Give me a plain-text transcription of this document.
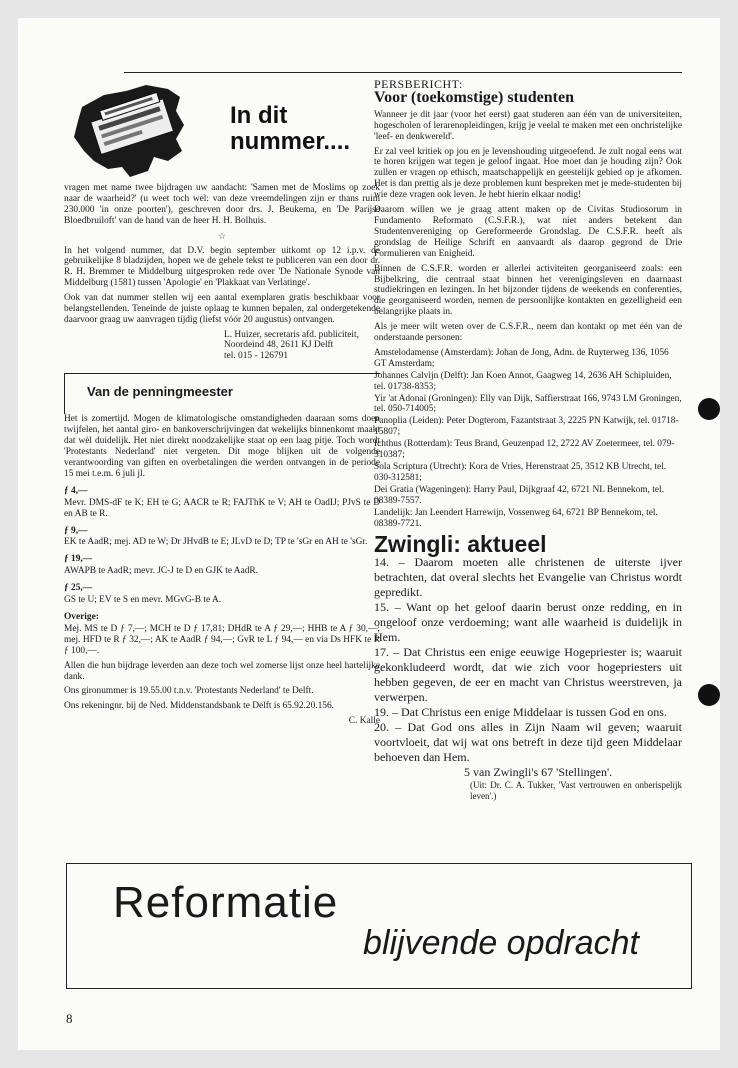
In dit nummer....

vragen met name twee bijdragen uw aandacht: 'Samen met de Moslims op zoek naar de waarheid?' (u weet toch wel: van deze vreemdelingen zijn er thans ruim 230.000 'in onze poorten'), geschreven door drs. J. Beukema, en 'De Parijse Bloedbruiloft' van de hand van de heer H. H. Bolhuis.

☆

In het volgend nummer, dat D.V. begin september uitkomt op 12 i.p.v. de gebruikelijke 8 bladzijden, hopen we de gehele tekst te publiceren van een door dr. R. H. Bremmer te Middelburg uitgesproken rede over 'De Nationale Synode van Middelburg (1581) tussen 'Apologie' en 'Plakkaat van Verlatinge'.

Ook van dat nummer stellen wij een aantal exemplaren gratis beschikbaar voor belangstellenden. Teneinde de juiste oplaag te kunnen bepalen, zal ondergetekende daarvoor graag uw aanvragen tijdig (liefst vóór 20 augustus) ontvangen.

L. Huizer, secretaris afd. publiciteit,
Noordeind 48, 2611 KJ Delft
tel. 015 - 126791
Van de penningmeester

Het is zomertijd. Mogen de klimatologische omstandigheden daaraan soms doen twijfelen, het aantal giro- en bankoverschrijvingen dat wekelijks binnenkomt maakt dat wèl duidelijk. Het niet direkt noodzakelijke staat op een laag pitje. Toch wordt 'Protestants Nederland' niet vergeten. Dit moge blijken uit de volgende verantwoording van giften en overbetalingen die werden ontvangen in de periode 15 mei t.e.m. 6 juli jl.

ƒ 4,—

Mevr. DMS-dF te K; EH te G; AACR te R; FAJThK te V; AH te OadIJ; PJvS te D en AB te R.

ƒ 9,—

EK te AadR; mej. AD te W; Dr JHvdB te E; JLvD te D; TP te 'sGr en AH te 'sGr.

ƒ 19,—

AWAPB te AadR; mevr. JC-J te D en GJK te AadR.

ƒ 25,—

GS te U; EV te S en mevr. MGvG-B te A.

Overige:

Mej. MS te D ƒ 7,—; MCH te D ƒ 17,81; DHdR te A ƒ 29,—; HHB te A ƒ 30,—; mej. HFD te R ƒ 32,—; AK te AadR ƒ 94,—; GvR te L ƒ 94,— en via Ds HFK te R ƒ 100,—.

Allen die hun bijdrage leverden aan deze toch wel zomerse lijst onze heel hartelijke dank.

Ons gironummer is 19.55.00 t.n.v. 'Protestants Nederland' te Delft.

Ons rekeningnr. bij de Ned. Middenstandsbank te Delft is 65.92.20.156.

C. Kalle
PERSBERICHT:
Voor (toekomstige) studenten

Wanneer je dit jaar (voor het eerst) gaat studeren aan één van de universiteiten, hogescholen of lerarenopleidingen, krijg je veelal te maken met een onchristelijke 'leef- en denkwereld'.

Er zal veel kritiek op jou en je levenshouding uitgeoefend. Je zult nogal eens wat te horen krijgen wat tegen je geloof ingaat. Hoe moet dan je houding zijn? Ook zullen er vragen op ethisch, maatschappelijk en geestelijk gebied op je afkomen. Het is dan prettig als je deze problemen kunt bespreken met je mede-studenten bij wie deze vragen ook leven. Je hebt hierin elkaar nodig!

Daarom willen we je graag attent maken op de Civitas Studiosorum in Fundamento Reformato (C.S.F.R.), wat niet anders betekent dan Studentenvereniging op Gereformeerde Grondslag. De C.S.F.R. heeft als grondslag de Heilige Schrift en aanvaardt als daarop gegrond de Drie Formulieren van Enigheid.

Binnen de C.S.F.R. worden er allerlei activiteiten georganiseerd zoals: een Bijbelkring, die centraal staat binnen het verenigingsleven en daarnaast studiekringen en lezingen. In het bijzonder tijdens de weekends en conferenties, die georganiseerd worden, nemen de persoonlijke kontakten en gezelligheid een belangrijke plaats in.

Als je meer wilt weten over de C.S.F.R., neem dan kontakt op met één van de onderstaande personen:

Amstelodamense (Amsterdam): Johan de Jong, Adm. de Ruyterweg 136, 1056 GT Amsterdam;

Johannes Calvijn (Delft): Jan Koen Annot, Gaagweg 14, 2636 AH Schipluiden, tel. 01738-8353;

Yir 'at Adonai (Groningen): Elly van Dijk, Saffierstraat 166, 9743 LM Groningen, tel. 050-714005;

Panoplia (Leiden): Peter Dogterom, Fazantstraat 3, 2225 PN Katwijk, tel. 01718-15807;

Ichthus (Rotterdam): Teus Brand, Geuzenpad 12, 2722 AV Zoetermeer, tel. 079-310387;

Sola Scriptura (Utrecht): Kora de Vries, Herenstraat 25, 3512 KB Utrecht, tel. 030-312581;

Dei Gratia (Wageningen): Harry Paul, Dijkgraaf 42, 6721 NL Bennekom, tel. 08389-7557.

Landelijk: Jan Leendert Harrewijn, Vossenweg 64, 6721 BP Bennekom, tel. 08389-7721.

Zwingli: aktueel

14. – Daarom moeten alle christenen de uiterste ijver betrachten, dat overal slechts het Evangelie van Christus wordt gepredikt.

15. – Want op het geloof daarin berust onze redding, en in ongeloof onze verdoeming; want alle waarheid is duidelijk in Hem.

17. – Dat Christus een enige eeuwige Hogepriester is; waaruit gekonkludeerd wordt, dat wie zich voor hogepriesters uit hebben gegeven, de eer en macht van Christus weerstreven, ja verwerpen.

19. – Dat Christus een enige Middelaar is tussen God en ons.

20. – Dat God ons alles in Zijn Naam wil geven; waaruit voortvloeit, dat wij wat ons betreft in deze tijd geen Middelaar behoeven dan Hem.

5 van Zwingli's 67 'Stellingen'.

(Uit: Dr. C. A. Tukker, 'Vast vertrouwen en onberispelijk leven'.)

Reformatie
blijvende opdracht
8
